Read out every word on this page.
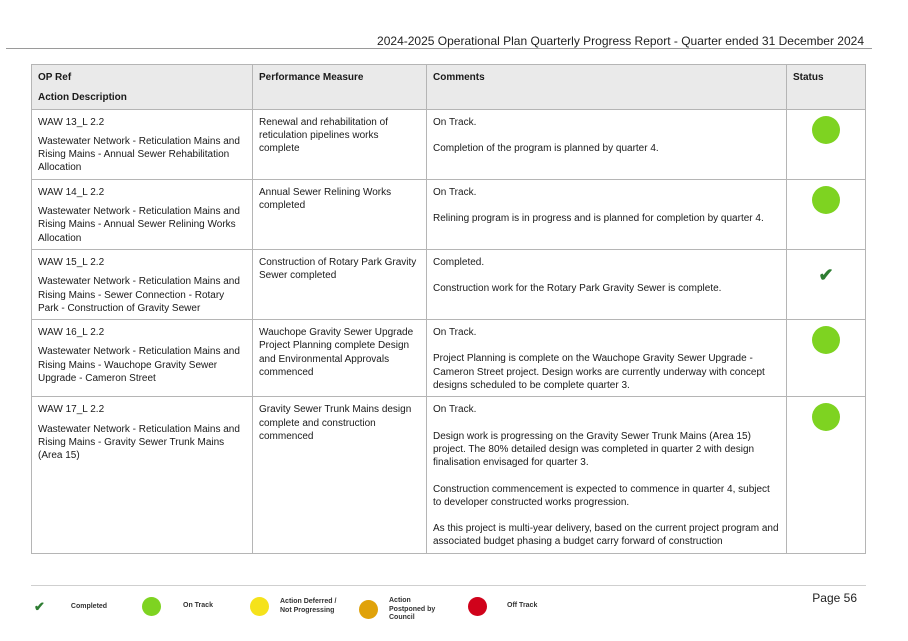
2024-2025 Operational Plan Quarterly Progress Report - Quarter ended 31 December 2024
OP Ref
Action Description	Performance Measure	Comments	Status

WAW 13_L 2.2
Wastewater Network - Reticulation Mains and Rising Mains - Annual Sewer Rehabilitation Allocation	Renewal and rehabilitation of reticulation pipelines works complete	On Track.
Completion of the program is planned by quarter 4.	

WAW 14_L 2.2
Wastewater Network - Reticulation Mains and Rising Mains - Annual Sewer Relining Works Allocation	Annual Sewer Relining Works completed	On Track.
Relining program is in progress and is planned for completion by quarter 4.	

WAW 15_L 2.2
Wastewater Network - Reticulation Mains and Rising Mains - Sewer Connection - Rotary Park - Construction of Gravity Sewer	Construction of Rotary Park Gravity Sewer completed	Completed.
Construction work for the Rotary Park Gravity Sewer is complete.	✔

WAW 16_L 2.2
Wastewater Network - Reticulation Mains and Rising Mains - Wauchope Gravity Sewer Upgrade - Cameron Street	Wauchope Gravity Sewer Upgrade Project Planning complete Design and Environmental Approvals commenced	On Track.
Project Planning is complete on the Wauchope Gravity Sewer Upgrade - Cameron Street project. Design works are currently underway with concept designs scheduled to be complete quarter 3.	

WAW 17_L 2.2
Wastewater Network - Reticulation Mains and Rising Mains - Gravity Sewer Trunk Mains (Area 15)	Gravity Sewer Trunk Mains design complete and construction commenced	On Track.
Design work is progressing on the Gravity Sewer Trunk Mains (Area 15) project. The 80% detailed design was completed in quarter 2 with design finalisation envisaged for quarter 3.
Construction commencement is expected to commence in quarter 4, subject to developer constructed works progression.
As this project is multi-year delivery, based on the current project program and associated budget phasing a budget carry forward of construction	

✔	Completed	On Track
Action Deferred / Not Progressing
Action Postponed by Council
Off Track
Page 56
